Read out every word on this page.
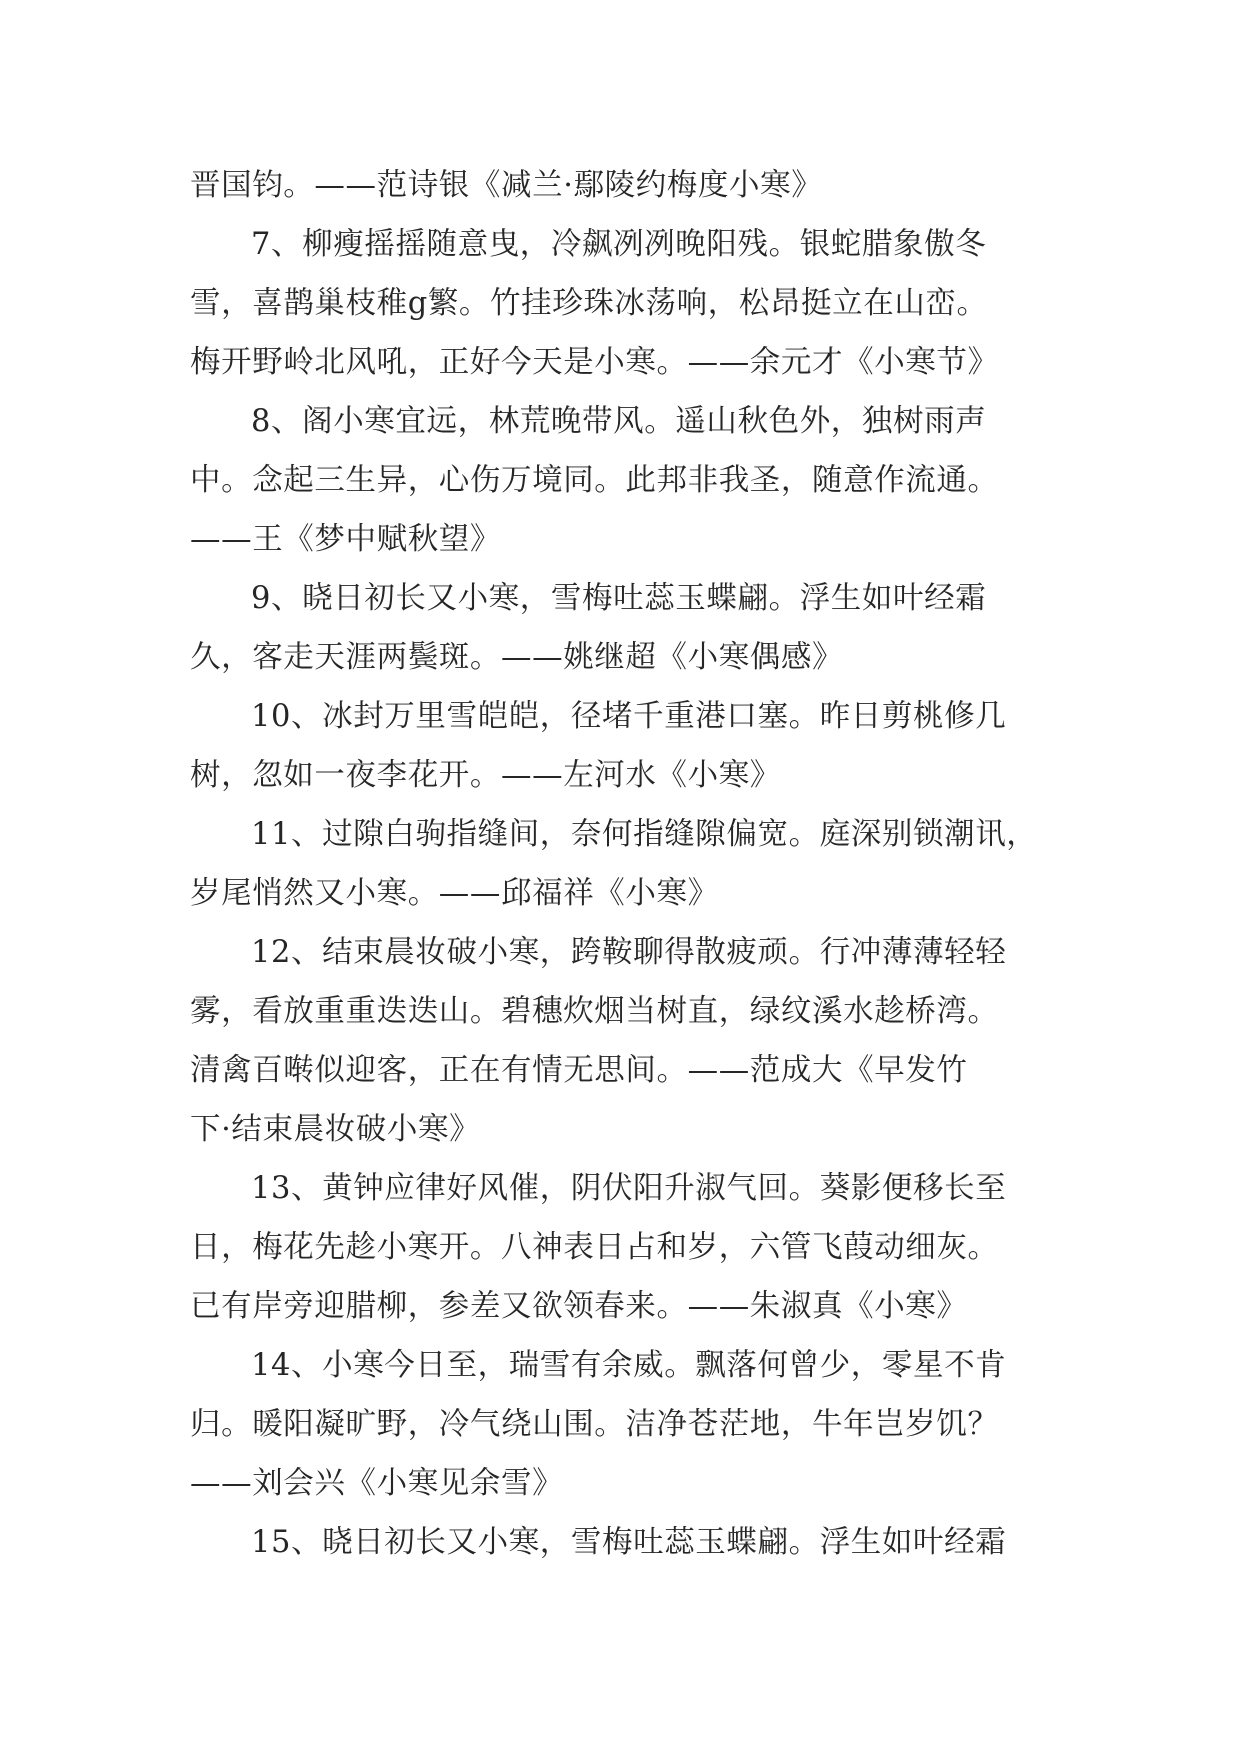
晋国钧。——范诗银《减兰·鄢陵约梅度小寒》
7、柳瘦摇摇随意曳，冷飙冽冽晚阳残。银蛇腊象傲冬
雪，喜鹊巢枝稚g繁。竹挂珍珠冰荡响，松昂挺立在山峦。
梅开野岭北风吼，正好今天是小寒。——余元才《小寒节》
8、阁小寒宜远，林荒晚带风。遥山秋色外，独树雨声
中。念起三生异，心伤万境同。此邦非我圣，随意作流通。
——王《梦中赋秋望》
9、晓日初长又小寒，雪梅吐蕊玉蝶翩。浮生如叶经霜
久，客走天涯两鬓斑。——姚继超《小寒偶感》
10、冰封万里雪皑皑，径堵千重港口塞。昨日剪桃修几
树，忽如一夜李花开。——左河水《小寒》
11、过隙白驹指缝间，奈何指缝隙偏宽。庭深别锁潮讯，
岁尾悄然又小寒。——邱福祥《小寒》
12、结束晨妆破小寒，跨鞍聊得散疲顽。行冲薄薄轻轻
雾，看放重重迭迭山。碧穗炊烟当树直，绿纹溪水趁桥湾。
清禽百啭似迎客，正在有情无思间。——范成大《早发竹
下·结束晨妆破小寒》
13、黄钟应律好风催，阴伏阳升淑气回。葵影便移长至
日，梅花先趁小寒开。八神表日占和岁，六管飞葭动细灰。
已有岸旁迎腊柳，参差又欲领春来。——朱淑真《小寒》
14、小寒今日至，瑞雪有余威。飘落何曾少，零星不肯
归。暖阳凝旷野，冷气绕山围。洁净苍茫地，牛年岂岁饥？
——刘会兴《小寒见余雪》
15、晓日初长又小寒，雪梅吐蕊玉蝶翩。浮生如叶经霜
